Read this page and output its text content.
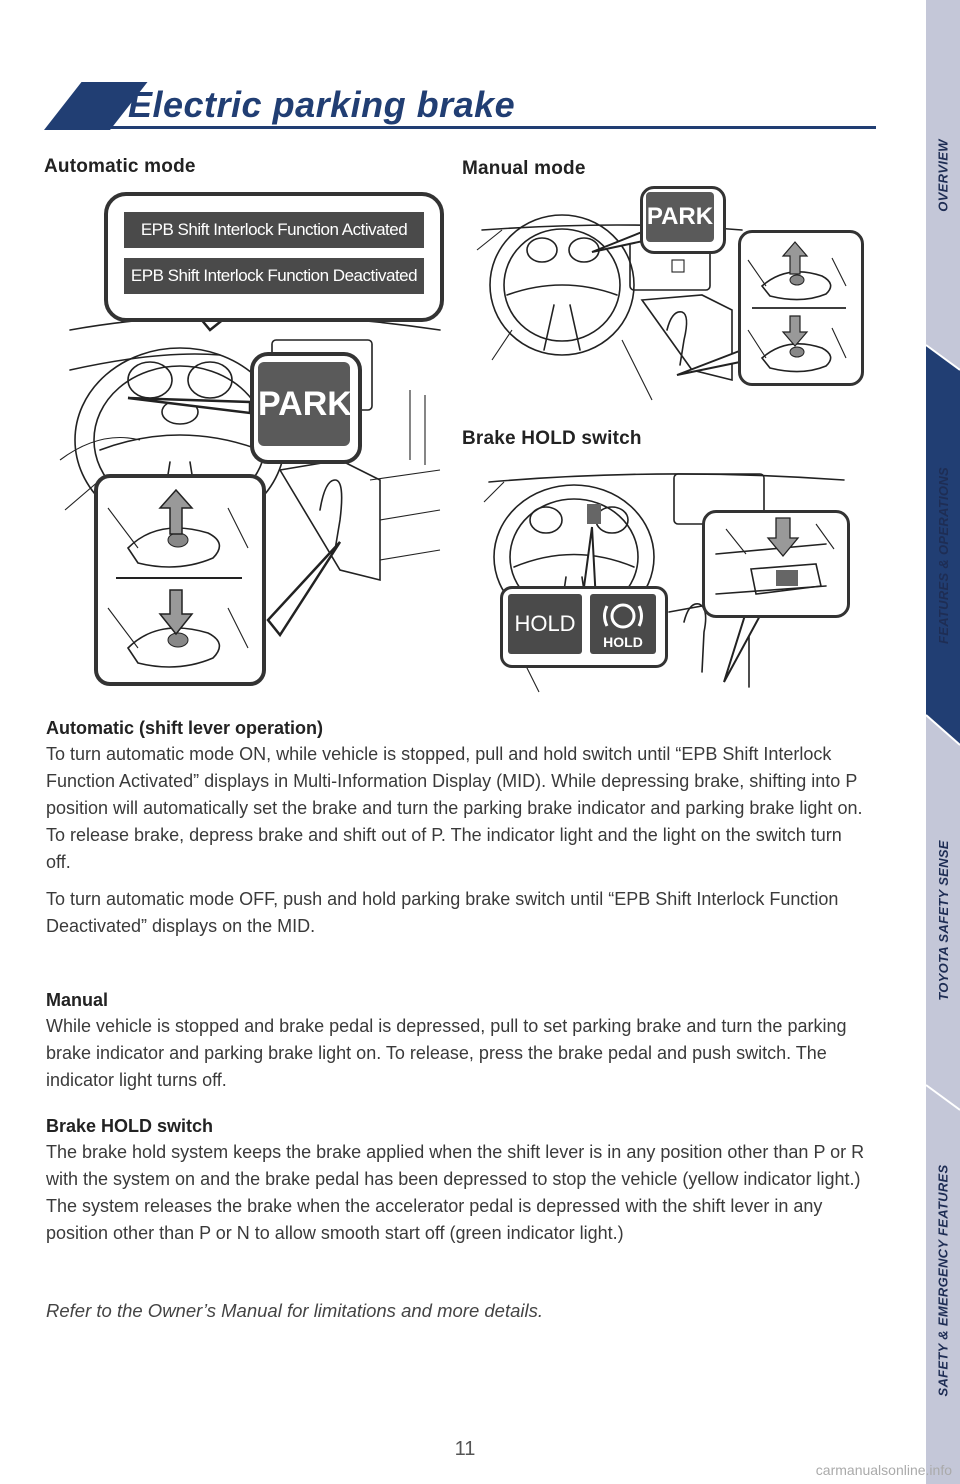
Electric parking brake
OVERVIEW
FEATURES & OPERATIONS
TOYOTA SAFETY SENSE
SAFETY & EMERGENCY FEATURES
Automatic mode	Manual mode
Brake HOLD switch
EPB Shift Interlock Function Activated
EPB Shift Interlock Function Deactivated
PARK
PARK
HOLD
HOLD
Automatic (shift lever operation)

To turn automatic mode ON, while vehicle is stopped, pull and hold switch until “EPB Shift Interlock Function Activated” displays in Multi-Information Display (MID). While depressing brake, shifting into P position will automatically set the brake and turn the parking brake indicator and parking brake light on. To release brake, depress brake and shift out of P. The indicator light and the light on the switch turn off.

To turn automatic mode OFF, push and hold parking brake switch until “EPB Shift Interlock Function Deactivated” displays on the MID.

Manual

While vehicle is stopped and brake pedal is depressed, pull to set parking brake and turn the parking brake indicator and parking brake light on. To release, press the brake pedal and push switch. The indicator light turns off.

Brake HOLD switch

The brake hold system keeps the brake applied when the shift lever is in any position other than P or R with the system on and the brake pedal has been depressed to stop the vehicle (yellow indicator light.) The system releases the brake when the accelerator pedal is depressed with the shift lever in any position other than P or N to allow smooth start off (green indicator light.)

Refer to the Owner’s Manual for limitations and more details.
11
carmanualsonline.info
